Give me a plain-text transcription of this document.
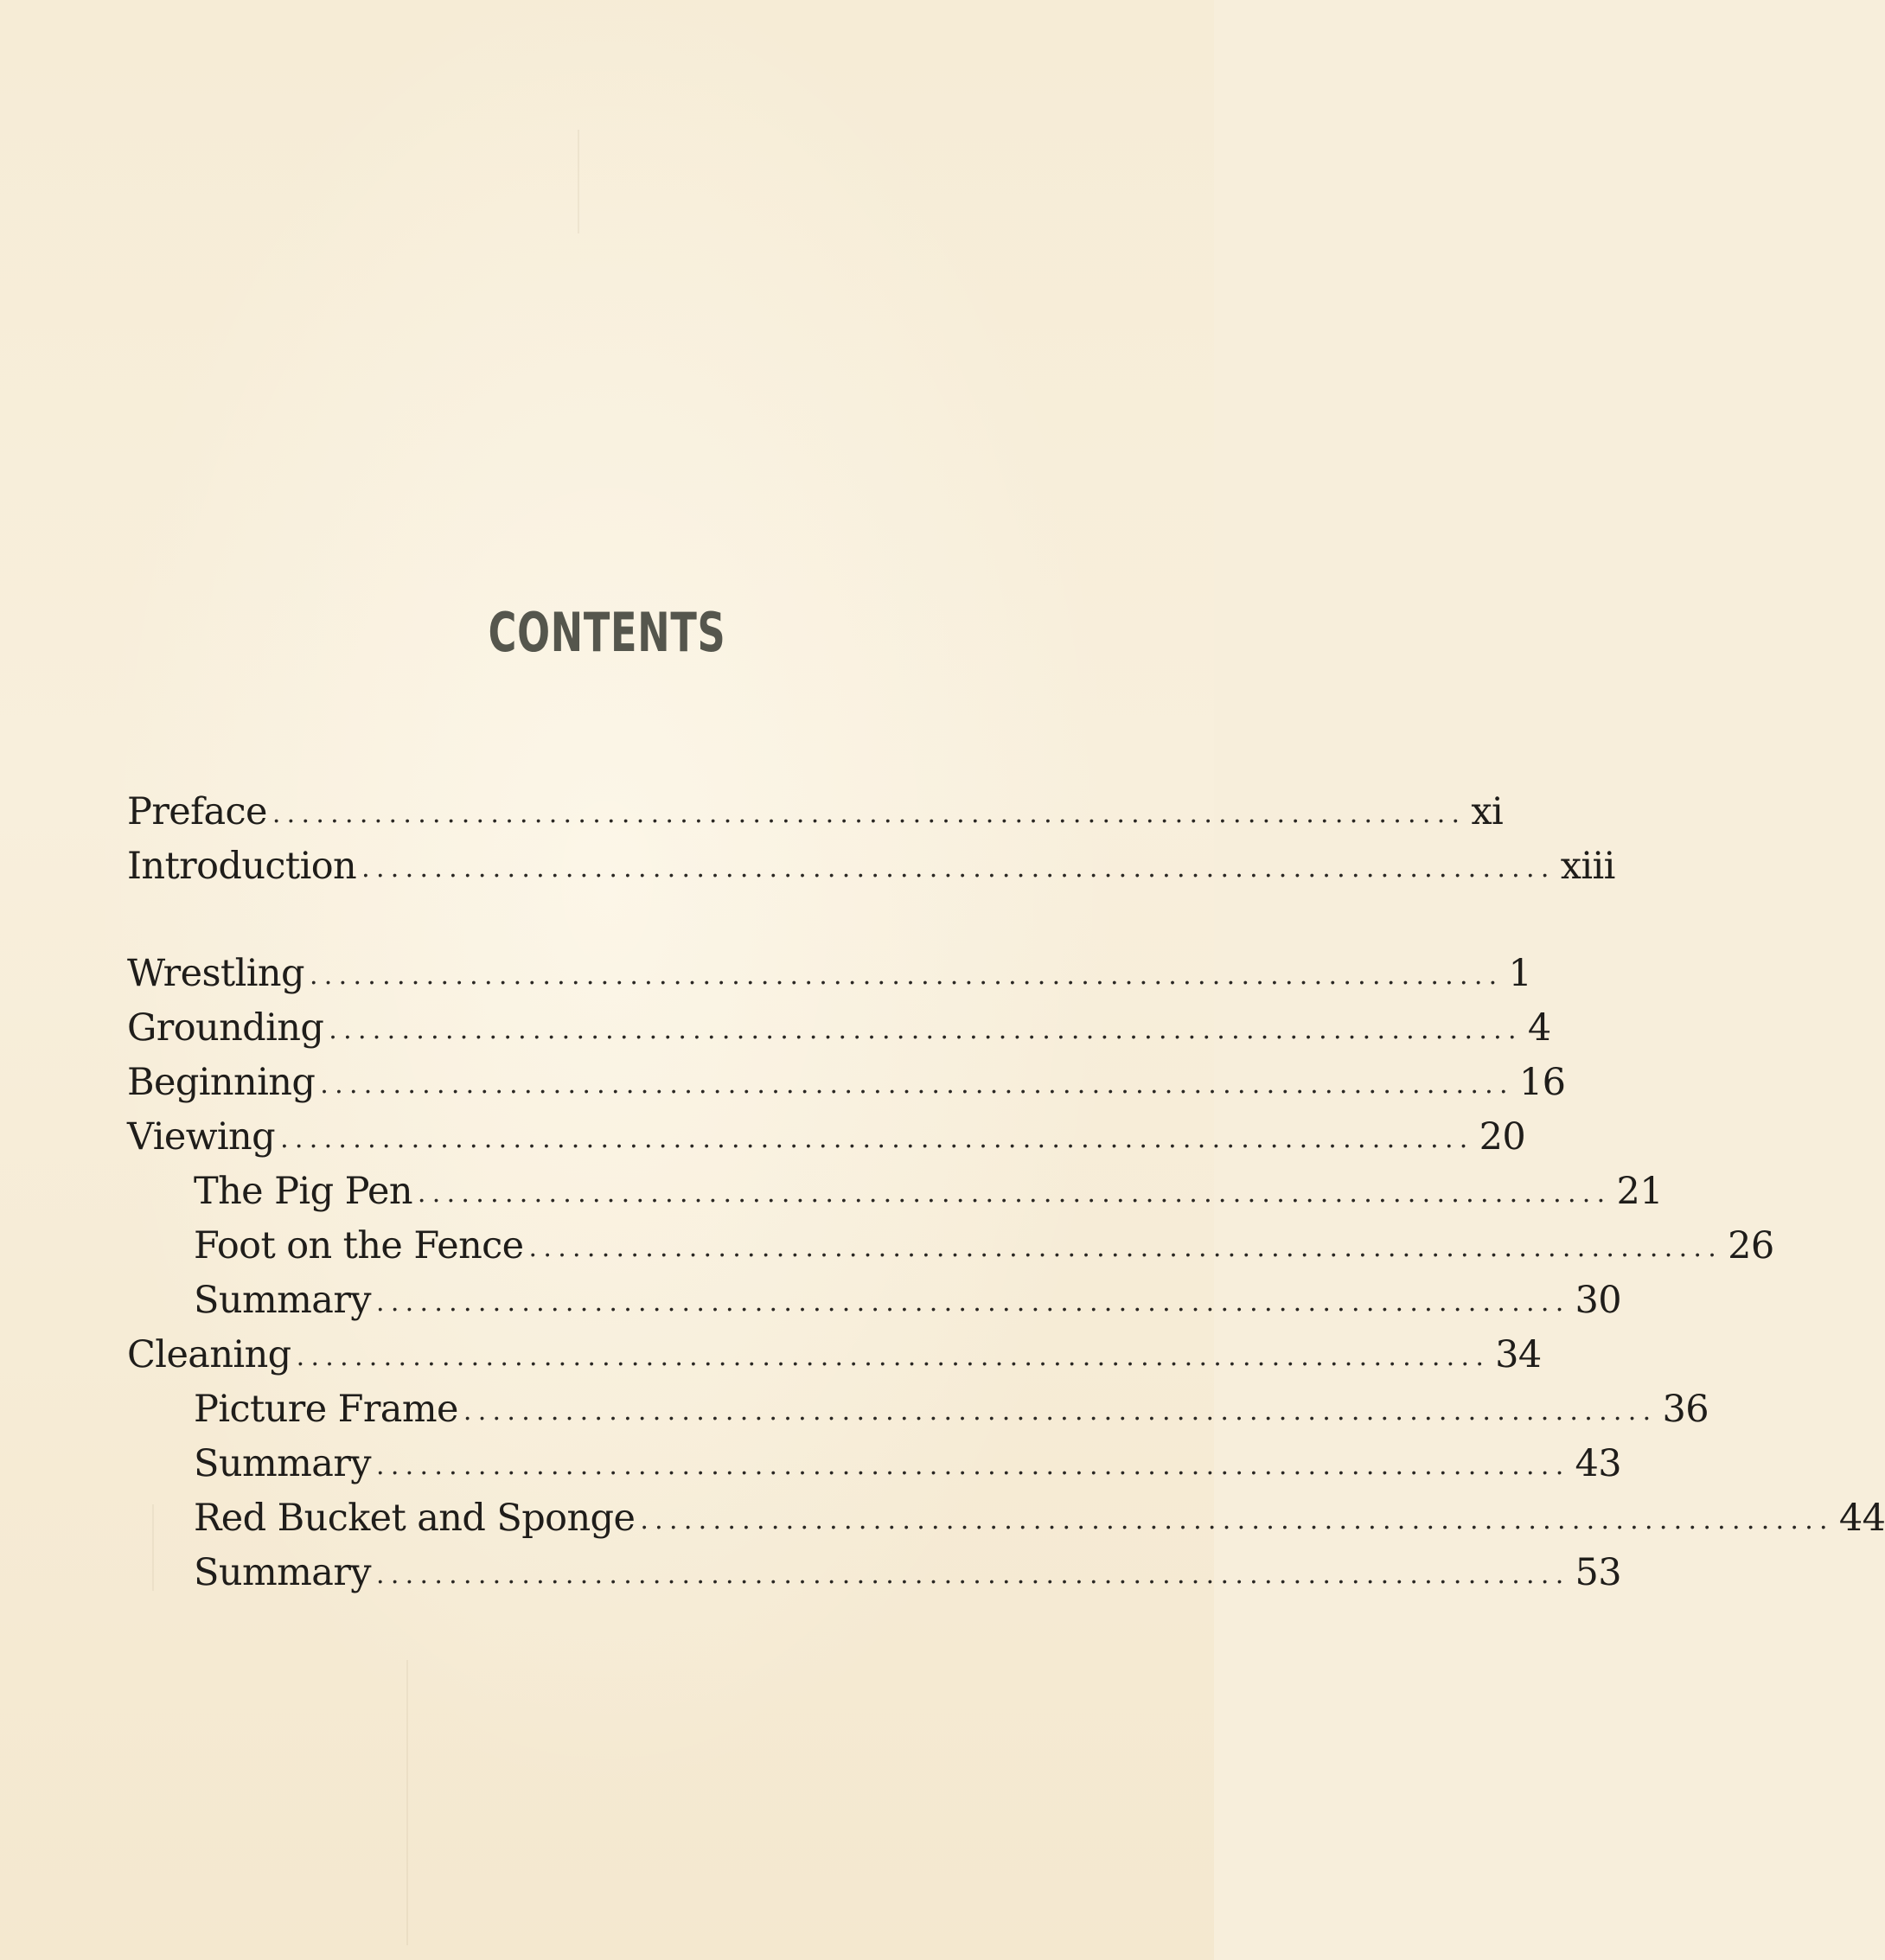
CONTENTS
Preface .................................................................................. xi
Introduction .................................................................................. xiii
Wrestling .................................................................................. 1
Grounding .................................................................................. 4
Beginning .................................................................................. 16
Viewing .................................................................................. 20
The Pig Pen .................................................................................. 21
Foot on the Fence .................................................................................. 26
Summary .................................................................................. 30
Cleaning .................................................................................. 34
Picture Frame .................................................................................. 36
Summary .................................................................................. 43
Red Bucket and Sponge .................................................................................. 44
Summary .................................................................................. 53
